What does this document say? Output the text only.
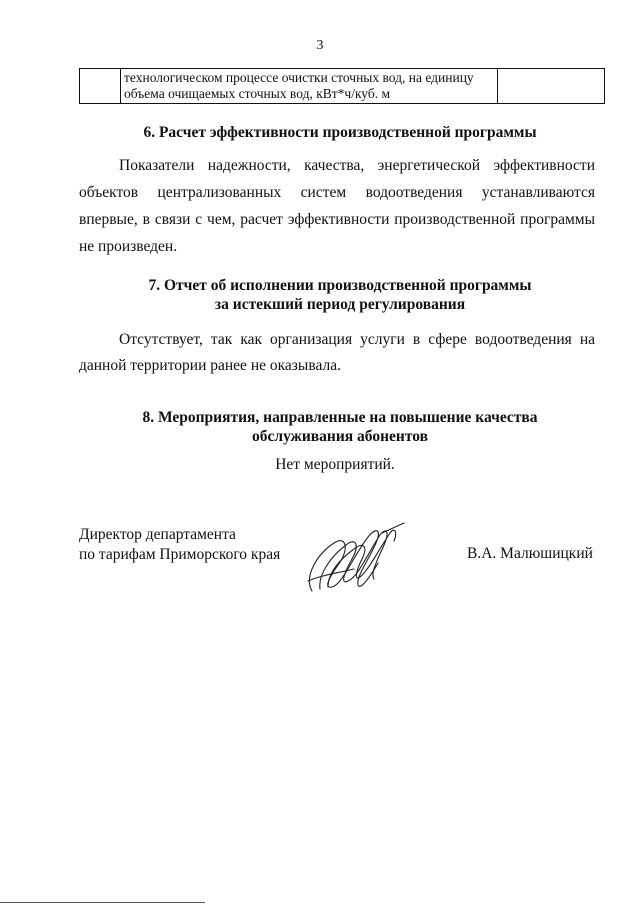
3

технологическом процессе очистки сточных вод, на единицу
объема очищаемых сточных вод, кВт*ч/куб. м

6. Расчет эффективности производственной программы
Показатели надежности, качества, энергетической эффективности объектов централизованных систем водоотведения устанавливаются впервые, в связи с чем, расчет эффективности производственной программы не произведен.
7. Отчет об исполнении производственной программы
за истекший период регулирования
Отсутствует, так как организация услуги в сфере водоотведения на данной территории ранее не оказывала.
8. Мероприятия, направленные на повышение качества
обслуживания абонентов
Нет мероприятий.
Директор департамента
по тарифам Приморского края	В.А. Малюшицкий
